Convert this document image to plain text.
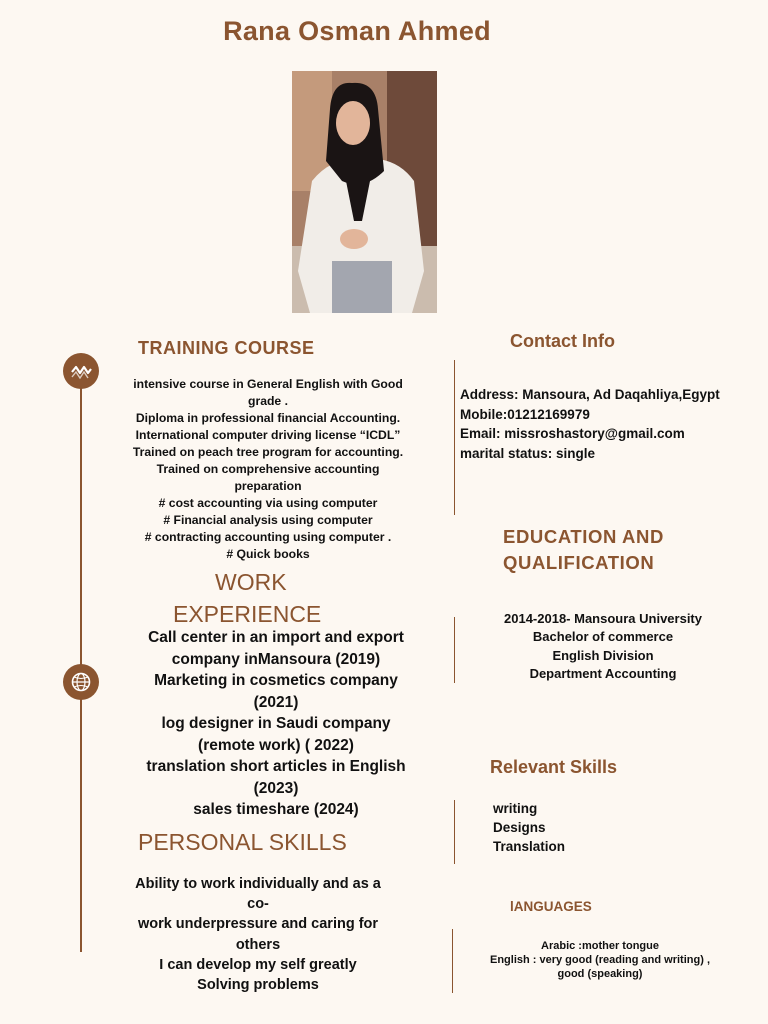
Rana Osman Ahmed
TRAINING COURSE
intensive course in General English with Good
grade .
Diploma in professional financial Accounting.
International computer driving license “ICDL”
Trained on peach tree program for accounting.
Trained on comprehensive accounting
preparation
# cost accounting via using computer
# Financial analysis using computer
# contracting accounting using computer .
# Quick books
WORK
EXPERIENCE
Call center in an import and export
company inMansoura (2019)
Marketing in cosmetics company
(2021)
log designer in Saudi company
(remote work) ( 2022)
translation short articles in English
(2023)
sales timeshare (2024)
PERSONAL SKILLS
Ability to work individually and as a
co-
work underpressure and caring for
others
I can develop my self greatly
Solving problems
Contact Info
Address: Mansoura, Ad Daqahliya,Egypt
Mobile:01212169979
Email: missroshastory@gmail.com
marital status: single
EDUCATION AND
QUALIFICATION
2014-2018- Mansoura University
Bachelor of commerce
English Division
Department Accounting
Relevant Skills
writing
Designs
Translation
lANGUAGES
Arabic :mother tongue
English : very good (reading and writing) ,
good (speaking)
